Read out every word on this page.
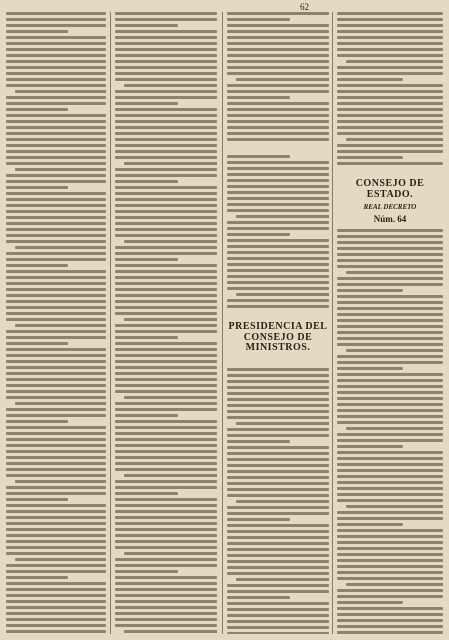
62
PRESIDENCIA DEL CONSEJO DE MINISTROS.
CONSEJO DE ESTADO.
REAL DECRETO
Núm. 64
